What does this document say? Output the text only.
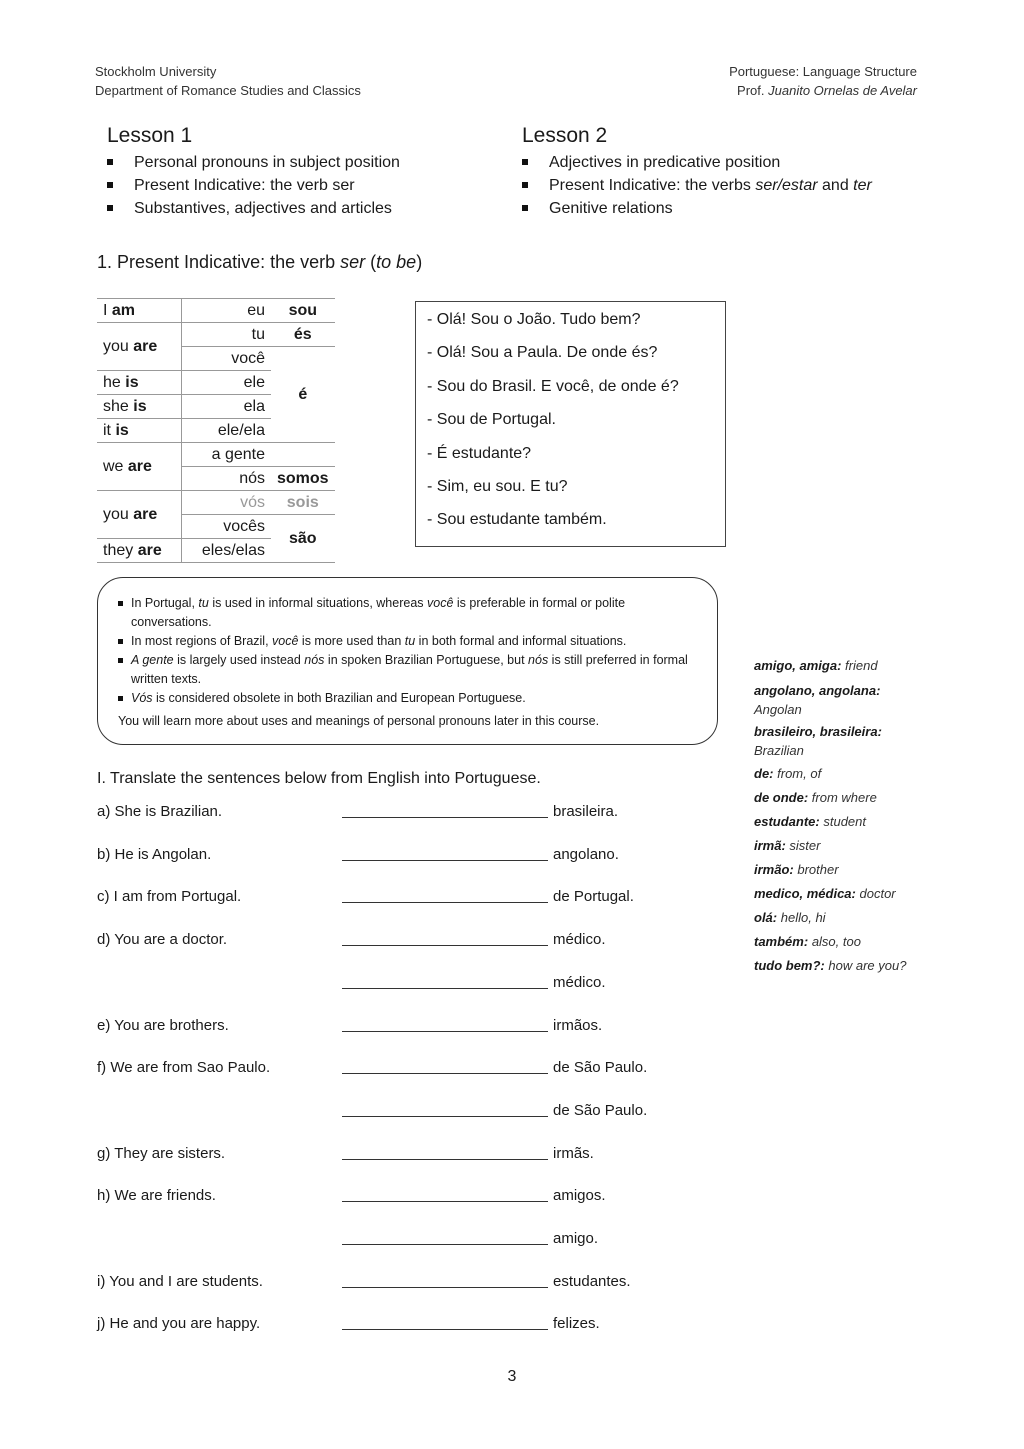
Stockholm University
Department of Romance Studies and Classics
Portuguese: Language Structure
Prof. Juanito Ornelas de Avelar
Lesson 1
Personal pronouns in subject position
Present Indicative: the verb ser
Substantives, adjectives and articles
Lesson 2
Adjectives in predicative position
Present Indicative: the verbs ser/estar and ter
Genitive relations
1. Present Indicative: the verb ser (to be)
I am	eu	sou
you are	tu	és
	você	é
he is	ele	
she is	ela	
it is	ele/ela	
we are	a gente	
	nós	somos
you are	vós	sois
	vocês	são
they are	eles/elas	
- Olá! Sou o João. Tudo bem?
- Olá! Sou a Paula. De onde és?
- Sou do Brasil. E você, de onde é?
- Sou de Portugal.
- É estudante?
- Sim, eu sou. E tu?
- Sou estudante também.
In Portugal, tu is used in informal situations, whereas você is preferable in formal or polite conversations.
In most regions of Brazil, você is more used than tu in both formal and informal situations.
A gente is largely used instead nós in spoken Brazilian Portuguese, but nós is still preferred in formal written texts.
Vós is considered obsolete in both Brazilian and European Portuguese.
You will learn more about uses and meanings of personal pronouns later in this course.
amigo, amiga: friend
angolano, angolana: Angolan
brasileiro, brasileira: Brazilian
de: from, of
de onde: from where
estudante: student
irmã: sister
irmão: brother
medico, médica: doctor
olá: hello, hi
também: also, too
tudo bem?: how are you?
I. Translate the sentences below from English into Portuguese.
a) She is Brazilian.	brasileira.
b) He is Angolan.	angolano.
c) I am from Portugal.	de Portugal.
d) You are a doctor.	médico.
médico.
e) You are brothers.	irmãos.
f) We are from Sao Paulo.	de São Paulo.
de São Paulo.
g) They are sisters.	irmãs.
h) We are friends.	amigos.
amigo.
i) You and I are students.	estudantes.
j) He and you are happy.	felizes.
3
